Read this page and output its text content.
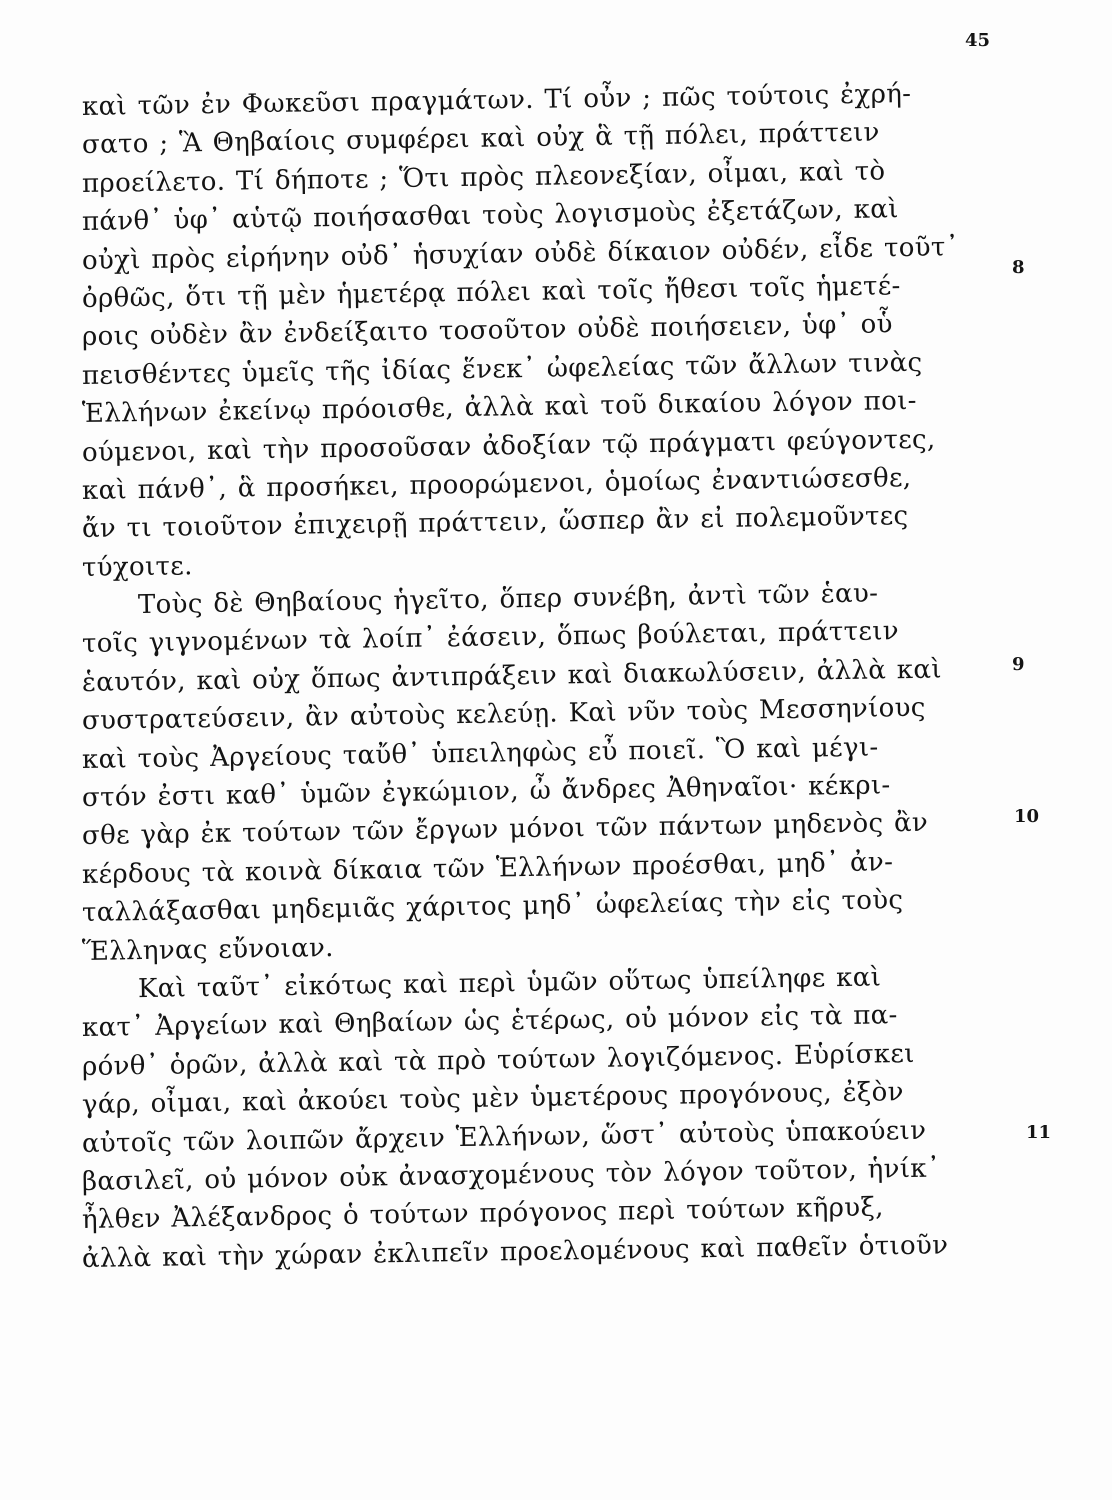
45
καὶ τῶν ἐν Φωκεῦσι πραγμάτων. Τί οὖν ; πῶς τούτοις ἐχρή-
σατο ; Ἃ Θηβαίοις συμφέρει καὶ οὐχ ἃ τῇ πόλει, πράττειν
προείλετο. Τί δήποτε ; Ὅτι πρὸς πλεονεξίαν, οἶμαι, καὶ τὸ
πάνθ᾽ ὑφ᾽ αὑτῷ ποιήσασθαι τοὺς λογισμοὺς ἐξετάζων, καὶ
οὐχὶ πρὸς εἰρήνην οὐδ᾽ ἡσυχίαν οὐδὲ δίκαιον οὐδέν, εἶδε τοῦτ᾽
ὀρθῶς, ὅτι τῇ μὲν ἡμετέρᾳ πόλει καὶ τοῖς ἤθεσι τοῖς ἡμετέ-
ροις οὐδὲν ἂν ἐνδείξαιτο τοσοῦτον οὐδὲ ποιήσειεν, ὑφ᾽ οὗ
πεισθέντες ὑμεῖς τῆς ἰδίας ἕνεκ᾽ ὠφελείας τῶν ἄλλων τινὰς
Ἑλλήνων ἐκείνῳ πρόοισθε, ἀλλὰ καὶ τοῦ δικαίου λόγον ποι-
ούμενοι, καὶ τὴν προσοῦσαν ἀδοξίαν τῷ πράγματι φεύγοντες,
καὶ πάνθ᾽, ἃ προσήκει, προορώμενοι, ὁμοίως ἐναντιώσεσθε,
ἄν τι τοιοῦτον ἐπιχειρῇ πράττειν, ὥσπερ ἂν εἰ πολεμοῦντες
τύχοιτε.
Τοὺς δὲ Θηβαίους ἡγεῖτο, ὅπερ συνέβη, ἀντὶ τῶν ἑαυ-
τοῖς γιγνομένων τὰ λοίπ᾽ ἐάσειν, ὅπως βούλεται, πράττειν
ἑαυτόν, καὶ οὐχ ὅπως ἀντιπράξειν καὶ διακωλύσειν, ἀλλὰ καὶ
συστρατεύσειν, ἂν αὐτοὺς κελεύῃ. Καὶ νῦν τοὺς Μεσσηνίους
καὶ τοὺς Ἀργείους ταὔθ᾽ ὑπειληφὼς εὖ ποιεῖ. Ὃ καὶ μέγι-
στόν ἐστι καθ᾽ ὑμῶν ἐγκώμιον, ὦ ἄνδρες Ἀθηναῖοι· κέκρι-
σθε γὰρ ἐκ τούτων τῶν ἔργων μόνοι τῶν πάντων μηδενὸς ἂν
κέρδους τὰ κοινὰ δίκαια τῶν Ἑλλήνων προέσθαι, μηδ᾽ ἀν-
ταλλάξασθαι μηδεμιᾶς χάριτος μηδ᾽ ὠφελείας τὴν εἰς τοὺς
Ἕλληνας εὔνοιαν.
Καὶ ταῦτ᾽ εἰκότως καὶ περὶ ὑμῶν οὕτως ὑπείληφε καὶ
κατ᾽ Ἀργείων καὶ Θηβαίων ὡς ἑτέρως, οὐ μόνον εἰς τὰ πα-
ρόνθ᾽ ὁρῶν, ἀλλὰ καὶ τὰ πρὸ τούτων λογιζόμενος. Εὑρίσκει
γάρ, οἶμαι, καὶ ἀκούει τοὺς μὲν ὑμετέρους προγόνους, ἐξὸν
αὐτοῖς τῶν λοιπῶν ἄρχειν Ἑλλήνων, ὥστ᾽ αὐτοὺς ὑπακούειν
βασιλεῖ, οὐ μόνον οὐκ ἀνασχομένους τὸν λόγον τοῦτον, ἡνίκ᾽
ἦλθεν Ἀλέξανδρος ὁ τούτων πρόγονος περὶ τούτων κῆρυξ,
ἀλλὰ καὶ τὴν χώραν ἐκλιπεῖν προελομένους καὶ παθεῖν ὁτιοῦν
8
9
10
11
